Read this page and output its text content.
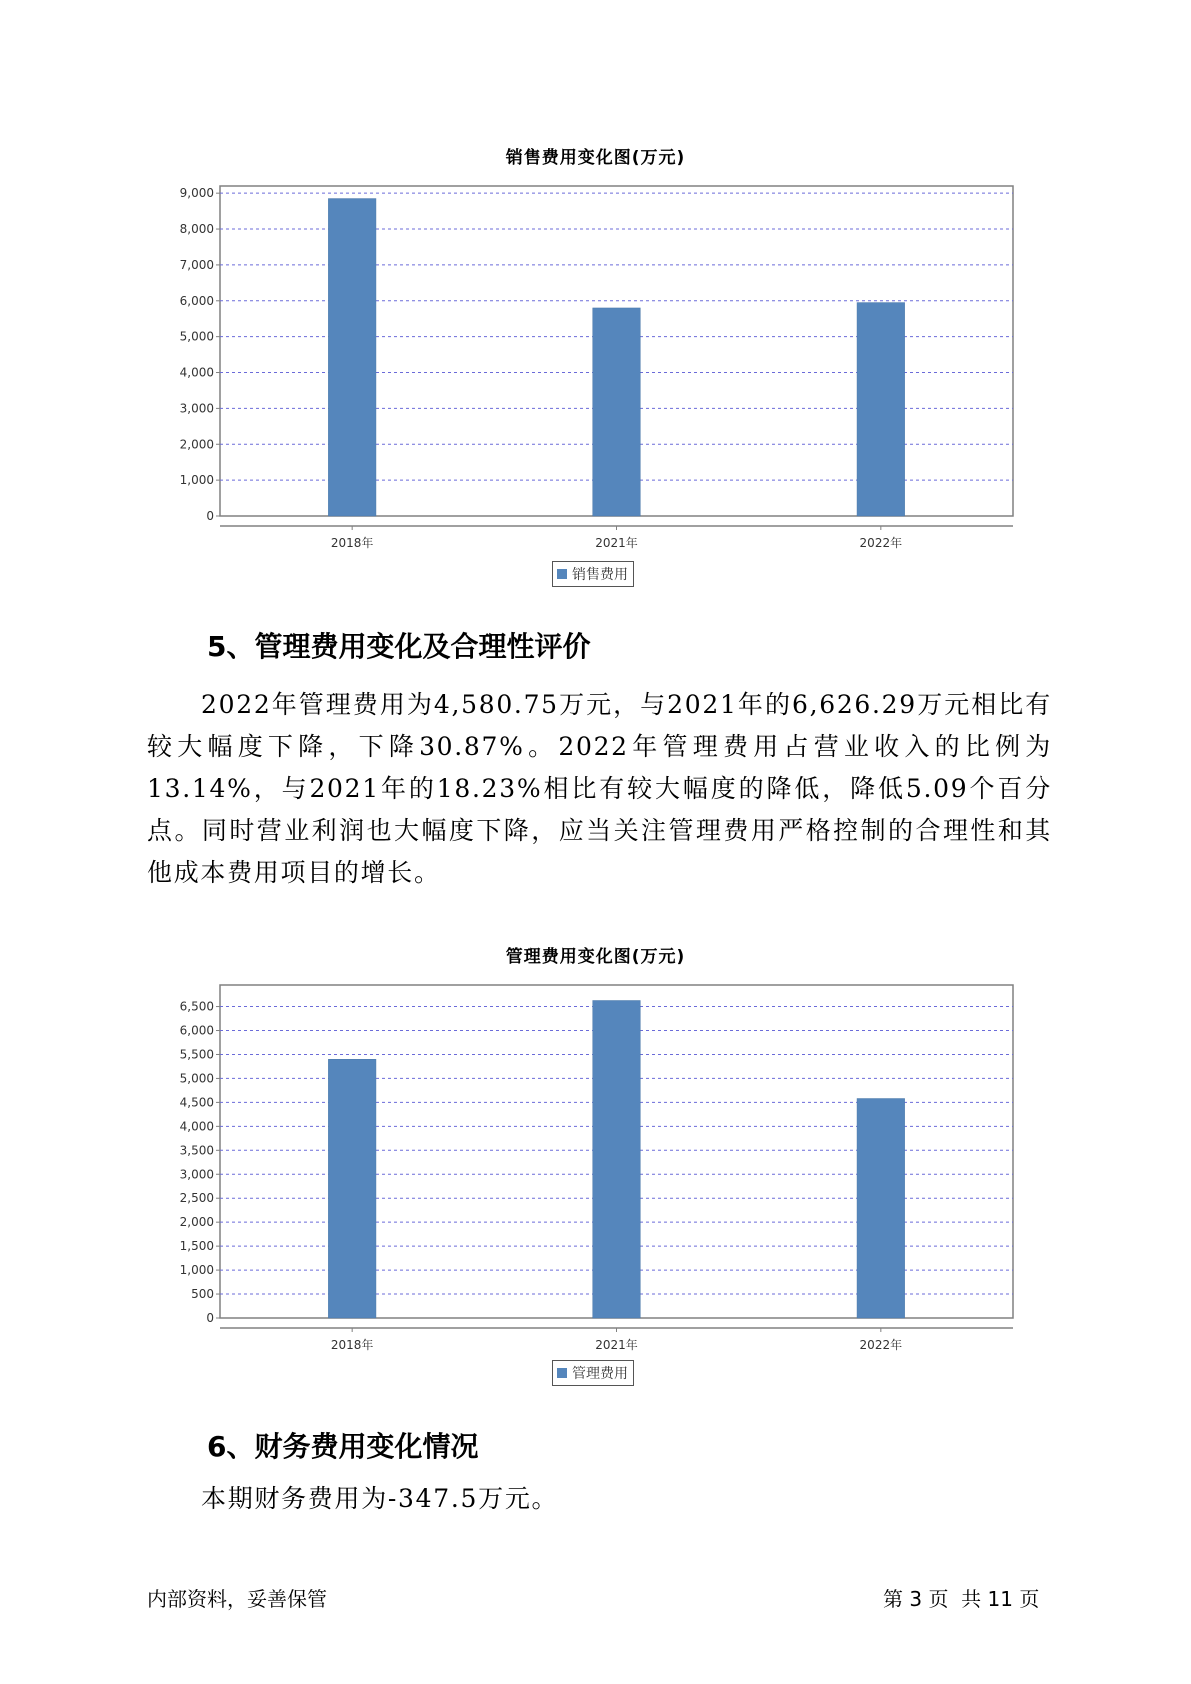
销售费用变化图(万元)
0
1,000
2,000
3,000
4,000
5,000
6,000
7,000
8,000
9,000
2018年	2021年	2022年
销售费用
5、管理费用变化及合理性评价
2022年管理费用为4,580.75万元，与2021年的6,626.29万元相比有较大幅度下降，下降30.87%。2022年管理费用占营业收入的比例为13.14%，与2021年的18.23%相比有较大幅度的降低，降低5.09个百分点。同时营业利润也大幅度下降，应当关注管理费用严格控制的合理性和其他成本费用项目的增长。
管理费用变化图(万元)
0
500
1,000
1,500
2,000
2,500
3,000
3,500
4,000
4,500
5,000
5,500
6,000
6,500
2018年	2021年	2022年
管理费用
6、财务费用变化情况
本期财务费用为-347.5万元。
内部资料，妥善保管	第 3 页  共 11 页
